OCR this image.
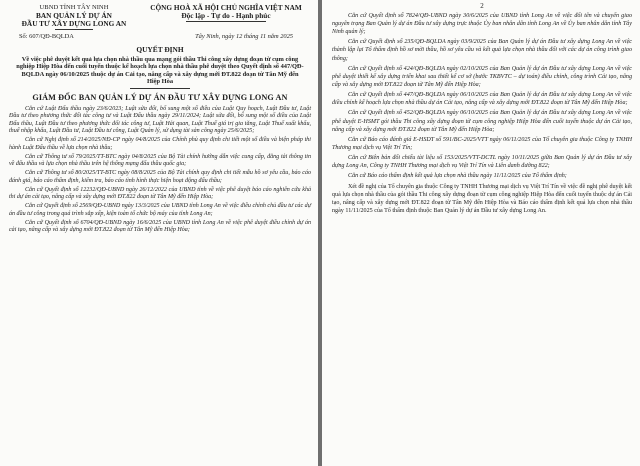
UBND TỈNH TÂY NINH
BAN QUẢN LÝ DỰ ÁN
ĐẦU TƯ XÂY DỰNG LONG AN
CỘNG HOÀ XÃ HỘI CHỦ NGHĨA VIỆT NAM
Độc lập - Tự do - Hạnh phúc
Số: 607/QĐ-BQLDA	Tây Ninh, ngày 12 tháng 11 năm 2025
QUYẾT ĐỊNH
Về việc phê duyệt kết quả lựa chọn nhà thầu qua mạng gói thầu Thi công xây dựng đoạn từ cụm công nghiệp Hiệp Hòa đến cuối tuyến thuộc kế hoạch lựa chọn nhà thầu phê duyệt theo Quyết định số 447/QĐ-BQLDA ngày 06/10/2025 thuộc dự án Cải tạo, nâng cấp và xây dựng mới ĐT.822 đoạn từ Tân Mỹ đến Hiệp Hòa
GIÁM ĐỐC BAN QUẢN LÝ DỰ ÁN ĐẦU TƯ XÂY DỰNG LONG AN

Căn cứ Luật Đấu thầu ngày 23/6/2023; Luật sửa đổi, bổ sung một số điều của Luật Quy hoạch, Luật Đầu tư, Luật Đầu tư theo phương thức đối tác công tư và Luật Đấu thầu ngày 29/11/2024; Luật sửa đổi, bổ sung một số điều của Luật Đấu thầu, Luật Đầu tư theo phương thức đối tác công tư, Luật Hải quan, Luật Thuế giá trị gia tăng, Luật Thuế xuất khẩu, thuế nhập khẩu, Luật Đầu tư, Luật Đầu tư công, Luật Quản lý, sử dụng tài sản công ngày 25/6/2025;

Căn cứ Nghị định số 214/2025/NĐ-CP ngày 04/8/2025 của Chính phủ quy định chi tiết một số điều và biện pháp thi hành Luật Đấu thầu về lựa chọn nhà thầu;

Căn cứ Thông tư số 79/2025/TT-BTC ngày 04/8/2025 của Bộ Tài chính hướng dẫn việc cung cấp, đăng tải thông tin về đấu thầu và lựa chọn nhà thầu trên hệ thống mạng đấu thầu quốc gia;

Căn cứ Thông tư số 80/2025/TT-BTC ngày 08/8/2025 của Bộ Tài chính quy định chi tiết mẫu hồ sơ yêu cầu, báo cáo đánh giá, báo cáo thẩm định, kiểm tra, báo cáo tình hình thực hiện hoạt động đấu thầu;

Căn cứ Quyết định số 12232/QĐ-UBND ngày 26/12/2022 của UBND tỉnh về việc phê duyệt báo cáo nghiên cứu khả thi dự án cải tạo, nâng cấp và xây dựng mới ĐT.822 đoạn từ Tân Mỹ đến Hiệp Hòa;

Căn cứ Quyết định số 2569/QĐ-UBND ngày 13/3/2025 của UBND tỉnh Long An về việc điều chỉnh chủ đầu tư các dự án đầu tư công trong quá trình sắp xếp, kiện toàn tổ chức bộ máy của tỉnh Long An;

Căn cứ Quyết định số 6704/QĐ-UBND ngày 16/6/2025 của UBND tỉnh Long An về việc phê duyệt điều chỉnh dự án cải tạo, nâng cấp và xây dựng mới ĐT.822 đoạn từ Tân Mỹ đến Hiệp Hòa;

2

Căn cứ Quyết định số 7824/QĐ-UBND ngày 30/6/2025 của UBND tỉnh Long An về việc đổi tên và chuyển giao nguyên trạng Ban Quản lý dự án Đầu tư xây dựng trực thuộc Ủy ban nhân dân tỉnh Long An về Ủy ban nhân dân tỉnh Tây Ninh quản lý;

Căn cứ Quyết định số 235/QĐ-BQLDA ngày 03/9/2025 của Ban Quản lý dự án Đầu tư xây dựng Long An về việc thành lập lại Tổ thẩm định hồ sơ mời thầu, hồ sơ yêu cầu và kết quả lựa chọn nhà thầu đối với các dự án công trình giao thông;

Căn cứ Quyết định số 424/QĐ-BQLDA ngày 02/10/2025 của Ban Quản lý dự án Đầu tư xây dựng Long An về việc phê duyệt thiết kế xây dựng triển khai sau thiết kế cơ sở (bước TKBVTC – dự toán) điều chỉnh, công trình Cải tạo, nâng cấp và xây dựng mới ĐT.822 đoạn từ Tân Mỹ đến Hiệp Hòa;

Căn cứ Quyết định số 447/QĐ-BQLDA ngày 06/10/2025 của Ban Quản lý dự án Đầu tư xây dựng Long An về việc điều chỉnh kế hoạch lựa chọn nhà thầu dự án Cải tạo, nâng cấp và xây dựng mới ĐT.822 đoạn từ Tân Mỹ đến Hiệp Hòa;

Căn cứ Quyết định số 452/QĐ-BQLDA ngày 06/10/2025 của Ban Quản lý dự án Đầu tư xây dựng Long An về việc phê duyệt E-HSMT gói thầu Thi công xây dựng đoạn từ cụm công nghiệp Hiệp Hòa đến cuối tuyến thuộc dự án Cải tạo, nâng cấp và xây dựng mới ĐT.822 đoạn từ Tân Mỹ đến Hiệp Hòa;

Căn cứ Báo cáo đánh giá E-HSDT số 591/BC-2025/VTT ngày 06/11/2025 của Tổ chuyên gia thuộc Công ty TNHH Thương mại dịch vụ Việt Trí Tín;

Căn cứ Biên bản đối chiếu tài liệu số 153/2025/VTT-DCTL ngày 10/11/2025 giữa Ban Quản lý dự án Đầu tư xây dựng Long An, Công ty TNHH Thương mại dịch vụ Việt Trí Tín và Liên danh đường 822;

Căn cứ Báo cáo thẩm định kết quả lựa chọn nhà thầu ngày 11/11/2025 của Tổ thẩm định;

Xét đề nghị của Tổ chuyên gia thuộc Công ty TNHH Thương mại dịch vụ Việt Trí Tín về việc đề nghị phê duyệt kết quả lựa chọn nhà thầu của gói thầu Thi công xây dựng đoạn từ cụm công nghiệp Hiệp Hòa đến cuối tuyến thuộc dự án Cải tạo, nâng cấp và xây dựng mới ĐT.822 đoạn từ Tân Mỹ đến Hiệp Hòa và Báo cáo thẩm định kết quả lựa chọn nhà thầu ngày 11/11/2025 của Tổ thẩm định thuộc Ban Quản lý dự án Đầu tư xây dựng Long An.
